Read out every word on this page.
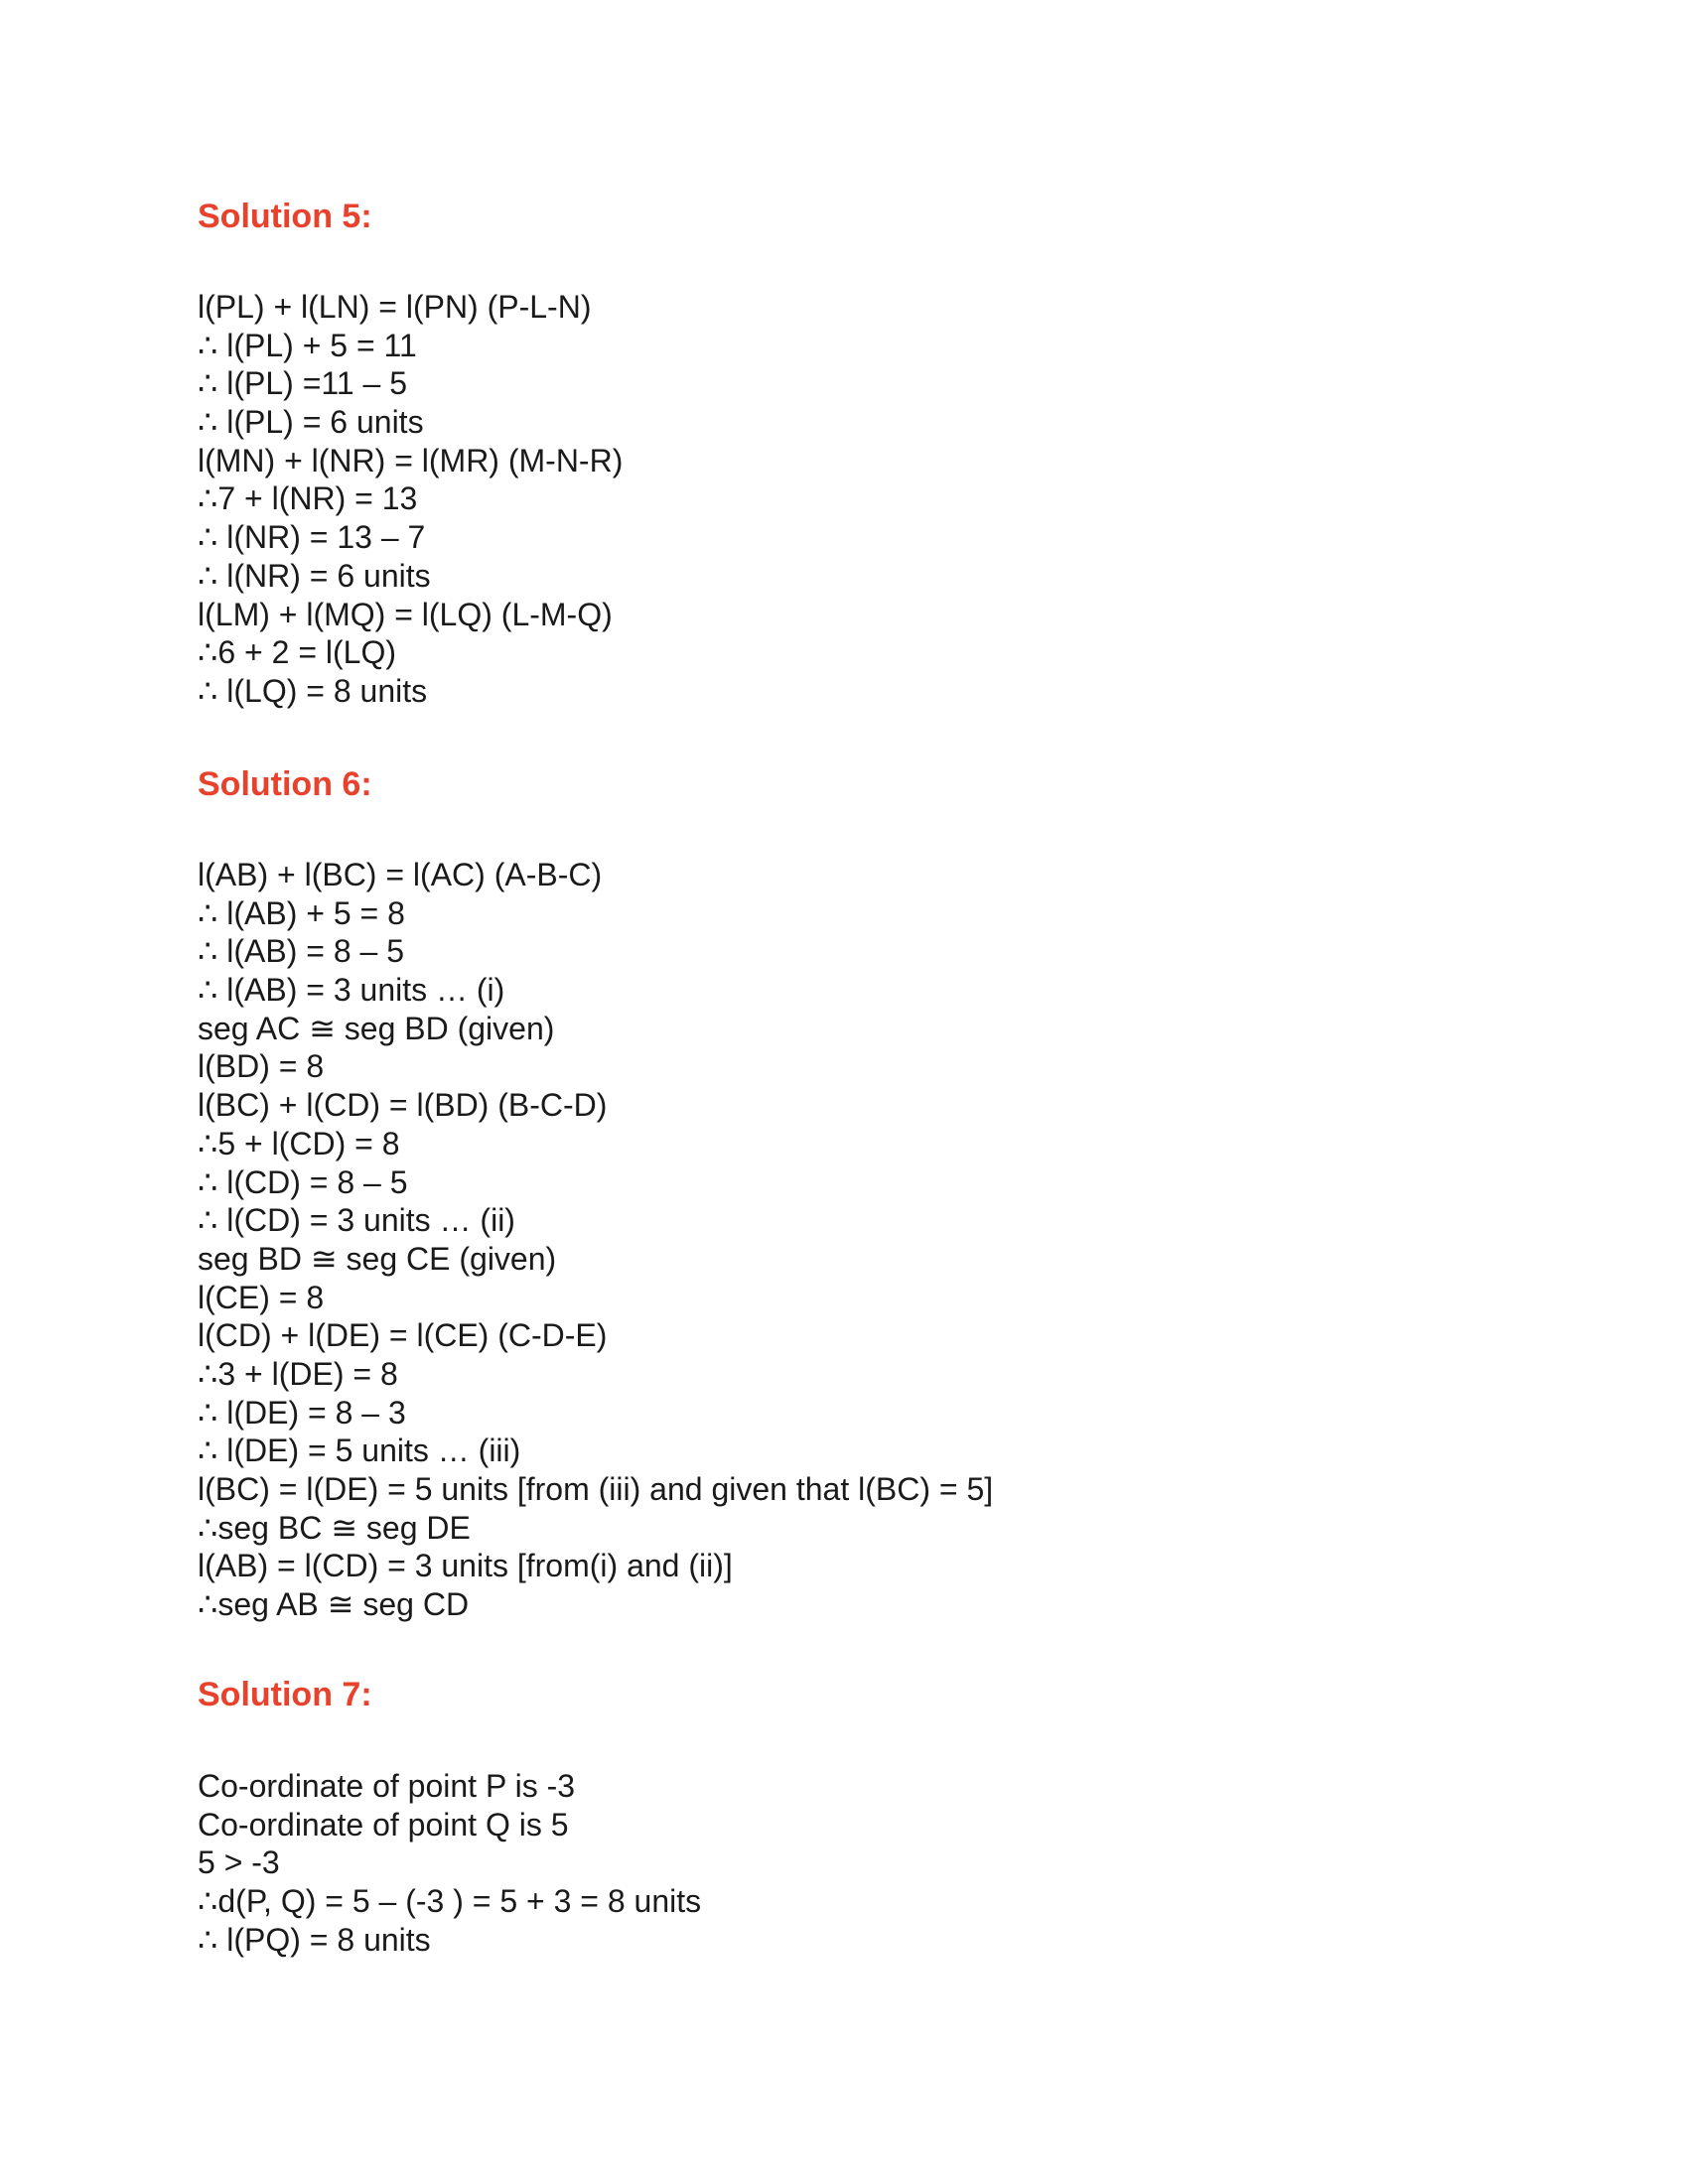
Solution 5:
l(PL) + l(LN) = l(PN) (P-L-N)
∴ l(PL) + 5 = 11
∴ l(PL) =11 – 5
∴ l(PL) = 6 units
l(MN) + l(NR) = l(MR) (M-N-R)
∴7 + l(NR) = 13
∴ l(NR) = 13 – 7
∴ l(NR) = 6 units
l(LM) + l(MQ) = l(LQ) (L-M-Q)
∴6 + 2 = l(LQ)
∴ l(LQ) = 8 units
Solution 6:
l(AB) + l(BC) = l(AC) (A-B-C)
∴ l(AB) + 5 = 8
∴ l(AB) = 8 – 5
∴ l(AB) = 3 units … (i)
seg AC ≅ seg BD (given)
l(BD) = 8
l(BC) + l(CD) = l(BD) (B-C-D)
∴5 + l(CD) = 8
∴ l(CD) = 8 – 5
∴ l(CD) = 3 units … (ii)
seg BD ≅ seg CE (given)
l(CE) = 8
l(CD) + l(DE) = l(CE) (C-D-E)
∴3 + l(DE) = 8
∴ l(DE) = 8 – 3
∴ l(DE) = 5 units … (iii)
l(BC) = l(DE) = 5 units [from (iii) and given that l(BC) = 5]
∴seg BC ≅ seg DE
l(AB) = l(CD) = 3 units [from(i) and (ii)]
∴seg AB ≅ seg CD
Solution 7:
Co-ordinate of point P is -3
Co-ordinate of point Q is 5
5 > -3
∴d(P, Q) = 5 – (-3 ) = 5 + 3 = 8 units
∴ l(PQ) = 8 units
